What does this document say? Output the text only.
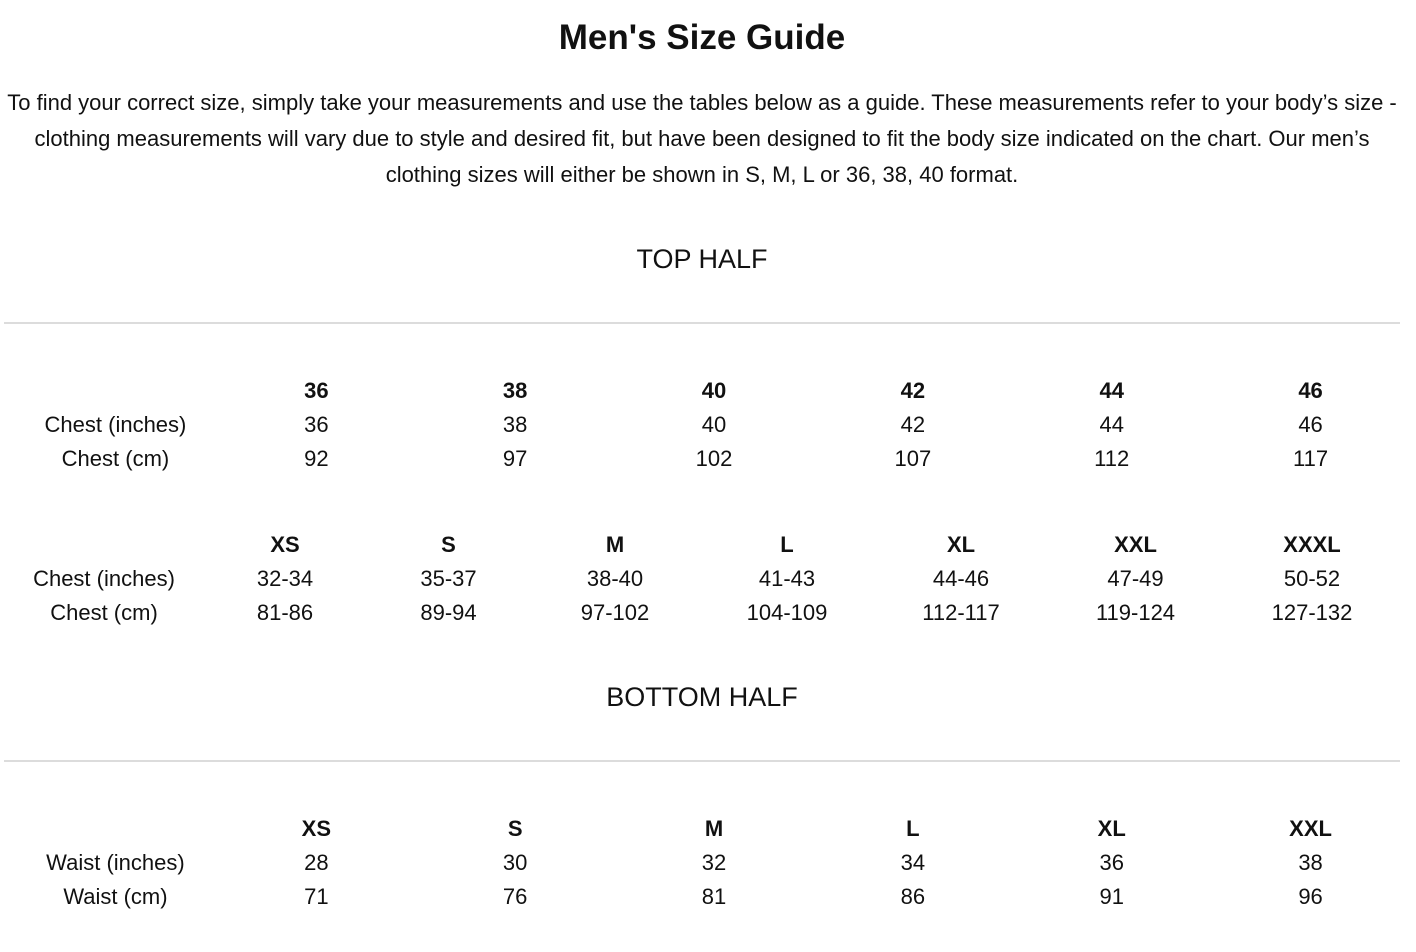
Men's Size Guide

To find your correct size, simply take your measurements and use the tables below as a guide. These measurements refer to your body’s size - clothing measurements will vary due to style and desired fit, but have been designed to fit the body size indicated on the chart. Our men’s clothing sizes will either be shown in S, M, L or 36, 38, 40 format.

TOP HALF
	36	38	40	42	44	46
Chest (inches)	36	38	40	42	44	46
Chest (cm)	92	97	102	107	112	117
	XS	S	M	L	XL	XXL	XXXL
Chest (inches)	32-34	35-37	38-40	41-43	44-46	47-49	50-52
Chest (cm)	81-86	89-94	97-102	104-109	112-117	119-124	127-132
BOTTOM HALF
	XS	S	M	L	XL	XXL
Waist (inches)	28	30	32	34	36	38
Waist (cm)	71	76	81	86	91	96
